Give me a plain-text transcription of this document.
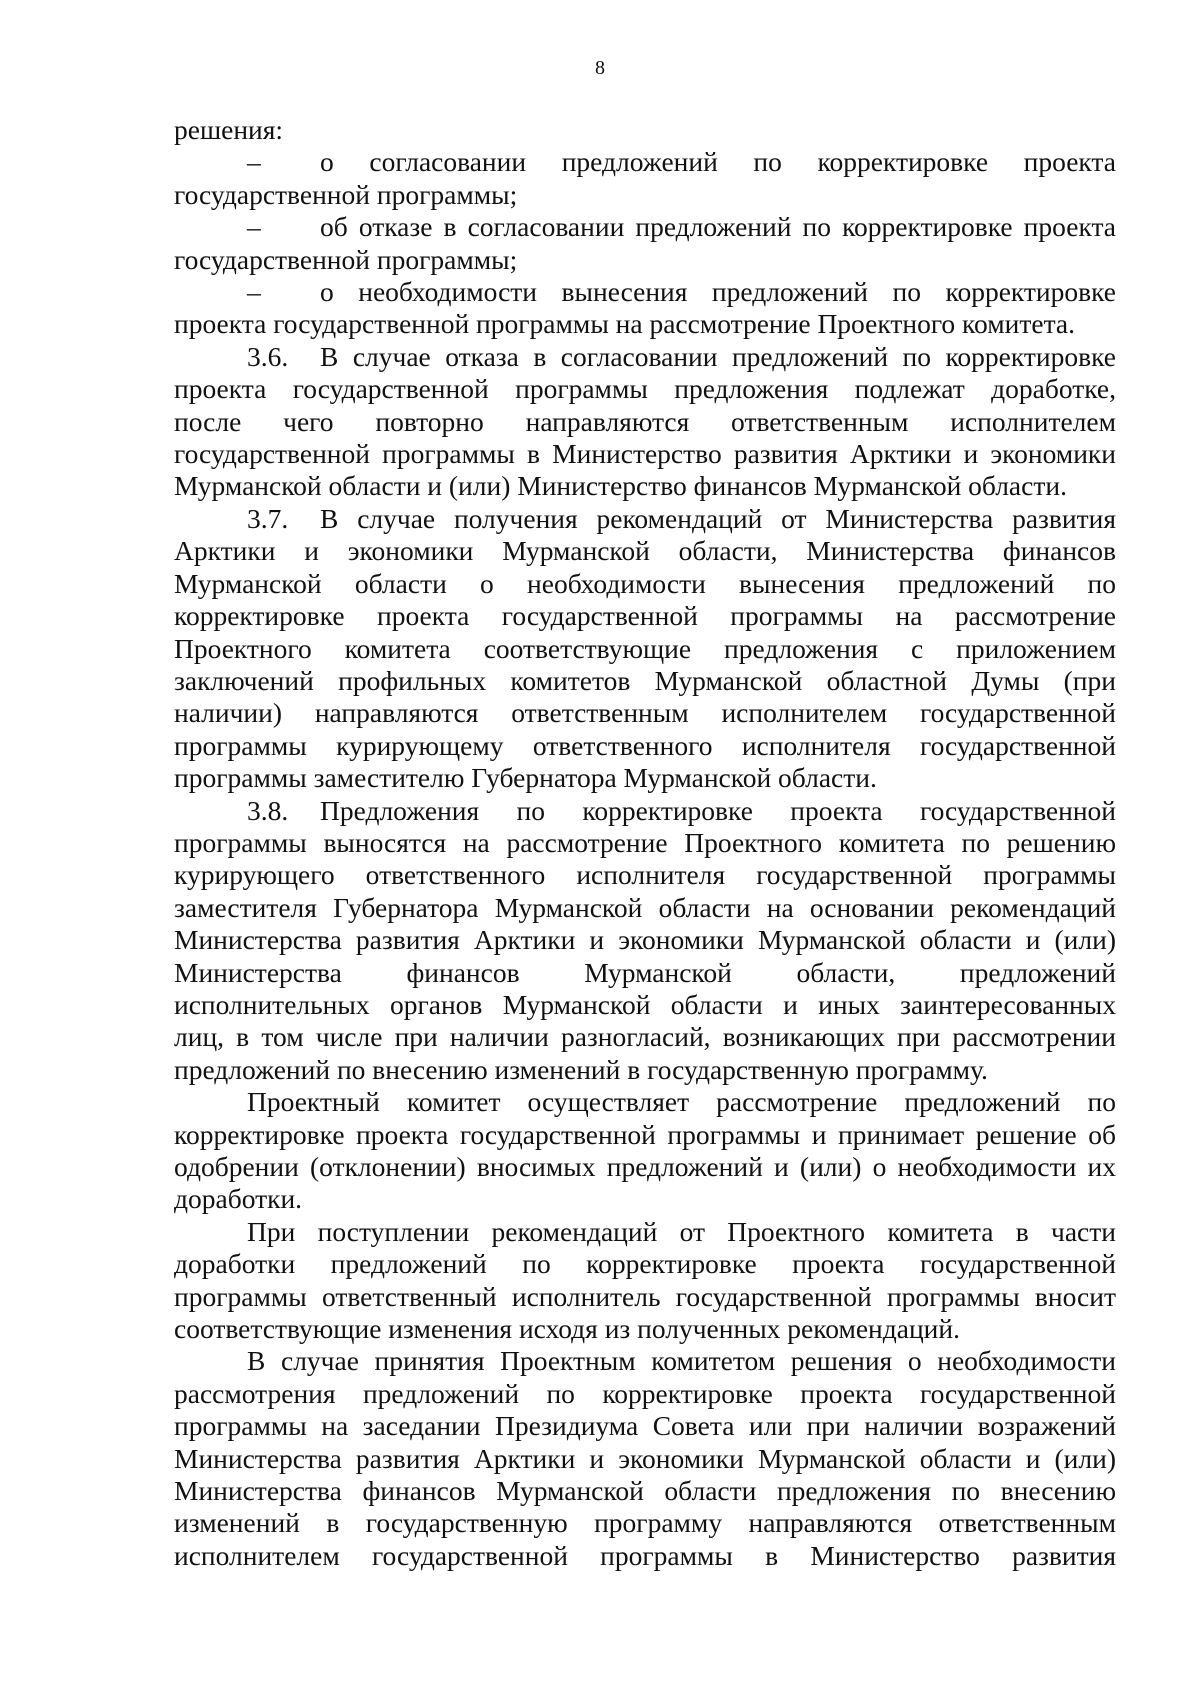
8
решения:
–	о согласовании предложений по корректировке проекта
государственной программы;
–	об отказе в согласовании предложений по корректировке проекта
государственной программы;
–	о необходимости вынесения предложений по корректировке
проекта государственной программы на рассмотрение Проектного комитета.
3.6.	В случае отказа в согласовании предложений по корректировке
проекта государственной программы предложения подлежат доработке,
после чего повторно направляются ответственным исполнителем
государственной программы в Министерство развития Арктики и экономики
Мурманской области и (или) Министерство финансов Мурманской области.
3.7.	В случае получения рекомендаций от Министерства развития
Арктики и экономики Мурманской области, Министерства финансов
Мурманской области о необходимости вынесения предложений по
корректировке проекта государственной программы на рассмотрение
Проектного комитета соответствующие предложения с приложением
заключений профильных комитетов Мурманской областной Думы (при
наличии) направляются ответственным исполнителем государственной
программы курирующему ответственного исполнителя государственной
программы заместителю Губернатора Мурманской области.
3.8.	Предложения по корректировке проекта государственной
программы выносятся на рассмотрение Проектного комитета по решению
курирующего ответственного исполнителя государственной программы
заместителя Губернатора Мурманской области на основании рекомендаций
Министерства развития Арктики и экономики Мурманской области и (или)
Министерства финансов Мурманской области, предложений
исполнительных органов Мурманской области и иных заинтересованных
лиц, в том числе при наличии разногласий, возникающих при рассмотрении
предложений по внесению изменений в государственную программу.
Проектный комитет осуществляет рассмотрение предложений по
корректировке проекта государственной программы и принимает решение об
одобрении (отклонении) вносимых предложений и (или) о необходимости их
доработки.
При поступлении рекомендаций от Проектного комитета в части
доработки предложений по корректировке проекта государственной
программы ответственный исполнитель государственной программы вносит
соответствующие изменения исходя из полученных рекомендаций.
В случае принятия Проектным комитетом решения о необходимости
рассмотрения предложений по корректировке проекта государственной
программы на заседании Президиума Совета или при наличии возражений
Министерства развития Арктики и экономики Мурманской области и (или)
Министерства финансов Мурманской области предложения по внесению
изменений в государственную программу направляются ответственным
исполнителем государственной программы в Министерство развития
